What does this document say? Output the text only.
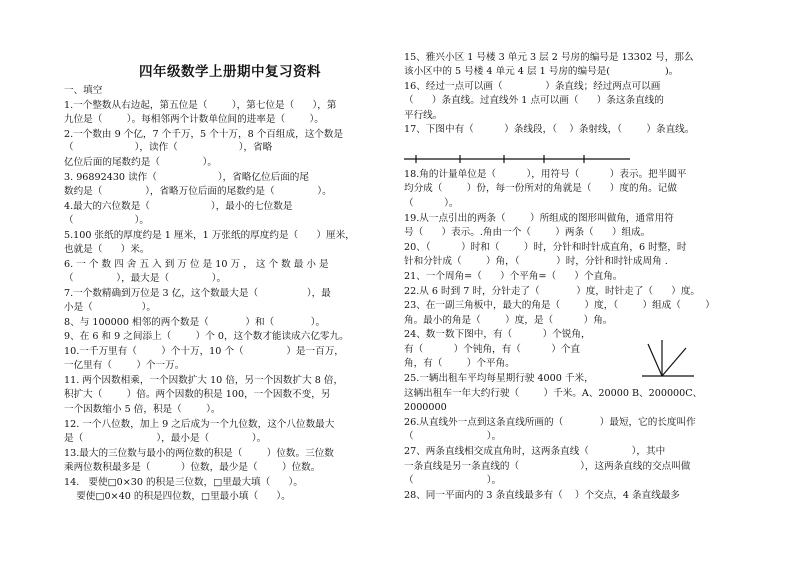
四年级数学上册期中复习资料
一、填空
1.一个整数从右边起，第五位是（        ），第七位是（      ），第
九位是（        ）。每相邻两个计数单位间的进率是（        ）。
2.一个数由 9 个亿，7 个千万，5 个十万，8 个百组成，这个数是
（                    ），读作（                    ），省略
亿位后面的尾数约是（              ）。
3. 96892430 读作（                    ），省略亿位后面的尾
数约是（              ），省略万位后面的尾数约是（              ）。
4.最大的六位数是（                    ），最小的七位数是
（                    ）。
5.100 张纸的厚度约是 1 厘米，1 万张纸的厚度约是（      ）厘米，
也就是（      ）米。
6. 一 个 数 四 舍 五 入 到 万 位 是 10 万 ， 这 个 数 最 小 是
（              ），最大是（              ）。
7.一个数精确到万位是 3 亿，这个数最大是（                ），最
小是（                ）。
8、与 100000 相邻的两个数是（            ）和（            ）。
9、在 6 和 9 之间添上（        ）个 0，这个数才能读成六亿零九。
10.一千万里有（        ）个十万，10 个（              ）是一百万，
一亿里有（        ）个一万。
11. 两个因数相乘，一个因数扩大 10 倍，另一个因数扩大 8 倍，
积扩大（        ）倍。两个因数的积是 100，一个因数不变，另
一个因数缩小 5 倍，积是（        ）。
12. 一个八位数，加上 9 之后成为一个九位数，这个八位数最大
是（                        ），最小是（              ）。
13.最大的三位数与最小的两位数的积是（        ）位数。三位数
乘两位数积最多是（          ）位数，最少是（        ）位数。
14.   要使□0×30 的积是三位数，□里最大填（      ）。
要使□0×40 的积是四位数，□里最小填（      ）。
15、雅兴小区 1 号楼 3 单元 3 层 2 号房的编号是 13302 号，那么
该小区中的 5 号楼 4 单元 4 层 1 号房的编号是(                  )。
16、经过一点可以画（              ）条直线；经过两点可以画
（      ）条直线。过直线外 1 点可以画（      ）条这条直线的
平行线。
17、下图中有（          ）条线段，（    ）条射线，（        ）条直线。
18.角的计量单位是（          ），用符号（          ）表示。把半圆平
均分成（        ）份，每一份所对的角就是（      ）度的角。记做
（          ）。
19.从一点引出的两条（        ）所组成的图形叫做角，通常用符
号（      ）表示。.角由一个（        ）两条（      ）组成。
20、（          ）时和（        ）时，分针和时针成直角，6 时整，时
针和分针成（        ）角，（            ）时，分针和时针成周角 .
21、一个周角=（      ）个平角=（      ）个直角。
22.从 6 时到 7 时，分针走了（            ）度，时针走了（      ）度。
23、在一副三角板中，最大的角是（        ）度，（        ）组成（        ）
角。最小的角是（        ）度，是（          ）角。
24、数一数下图中，有（          ）个锐角，
有（          ）个钝角，有（          ）个直
角，有（        ）个平角。
25.一辆出租车平均每星期行驶 4000 千米，
这辆出租车一年大约行驶（        ）千米。A、20000 B、200000C、
2000000
26.从直线外一点到这条直线所画的（            ）最短，它的长度叫作
（                        ）。
27、两条直线相交成直角时，这两条直线（              ），其中
一条直线是另一条直线的（                    ），这两条直线的交点叫做
（                        ）。
28、同一平面内的 3 条直线最多有（    ）个交点，4 条直线最多
